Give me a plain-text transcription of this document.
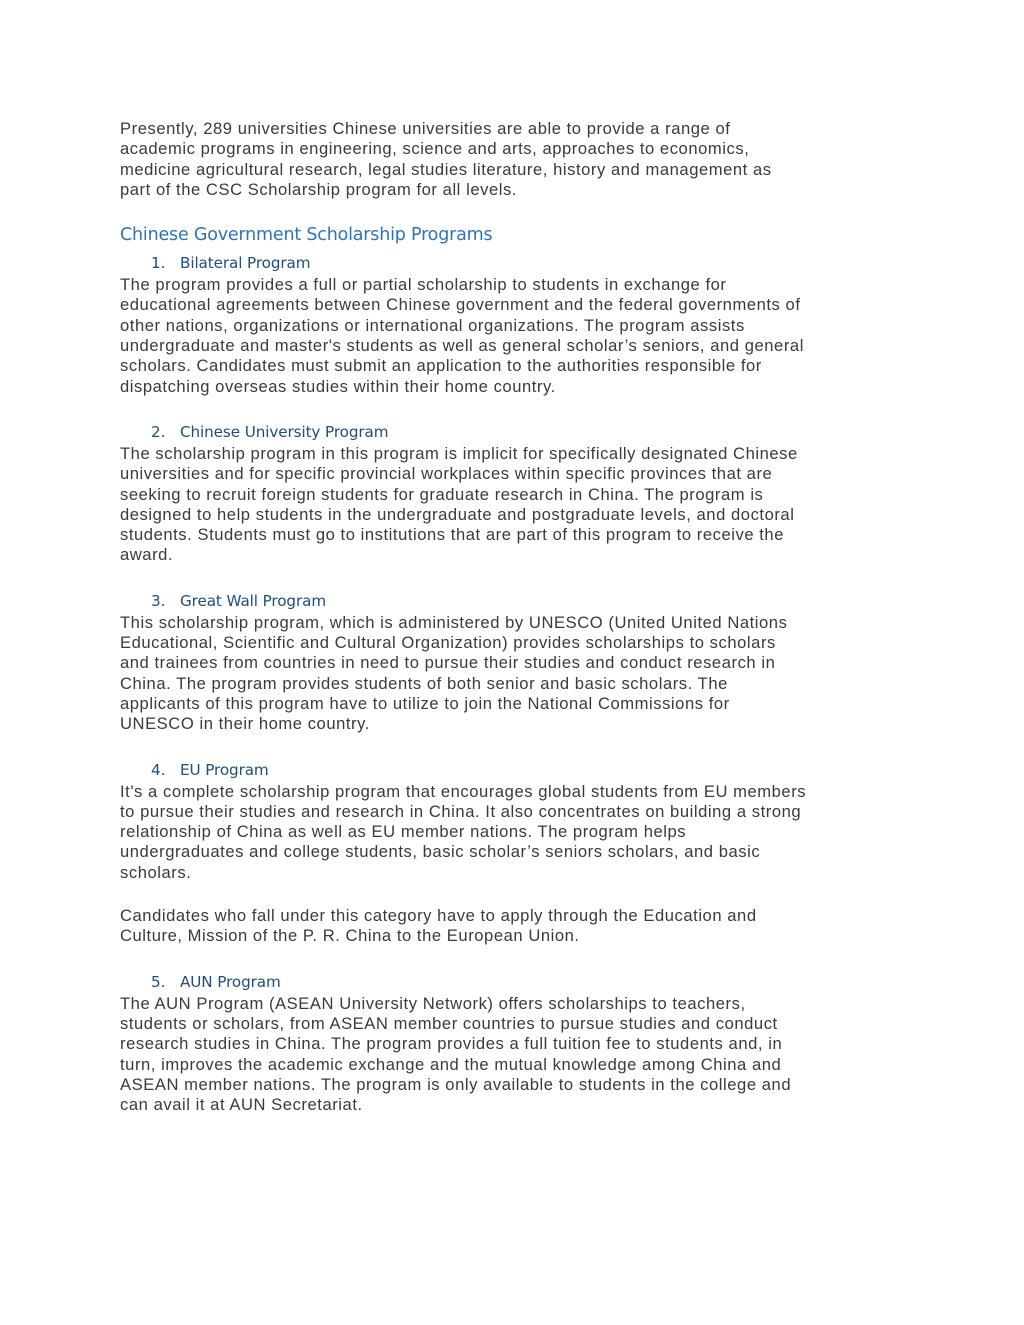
Presently, 289 universities Chinese universities are able to provide a range of
academic programs in engineering, science and arts, approaches to economics,
medicine agricultural research, legal studies literature, history and management as
part of the CSC Scholarship program for all levels.

Chinese Government Scholarship Programs
1. Bilateral Program

The program provides a full or partial scholarship to students in exchange for
educational agreements between Chinese government and the federal governments of
other nations, organizations or international organizations. The program assists
undergraduate and master's students as well as general scholar’s seniors, and general
scholars. Candidates must submit an application to the authorities responsible for
dispatching overseas studies within their home country.

2. Chinese University Program

The scholarship program in this program is implicit for specifically designated Chinese
universities and for specific provincial workplaces within specific provinces that are
seeking to recruit foreign students for graduate research in China. The program is
designed to help students in the undergraduate and postgraduate levels, and doctoral
students. Students must go to institutions that are part of this program to receive the
award.

3. Great Wall Program

This scholarship program, which is administered by UNESCO (United United Nations
Educational, Scientific and Cultural Organization) provides scholarships to scholars
and trainees from countries in need to pursue their studies and conduct research in
China. The program provides students of both senior and basic scholars. The
applicants of this program have to utilize to join the National Commissions for
UNESCO in their home country.

4. EU Program

It's a complete scholarship program that encourages global students from EU members
to pursue their studies and research in China. It also concentrates on building a strong
relationship of China as well as EU member nations. The program helps
undergraduates and college students, basic scholar’s seniors scholars, and basic
scholars.

Candidates who fall under this category have to apply through the Education and
Culture, Mission of the P. R. China to the European Union.

5. AUN Program

The AUN Program (ASEAN University Network) offers scholarships to teachers,
students or scholars, from ASEAN member countries to pursue studies and conduct
research studies in China. The program provides a full tuition fee to students and, in
turn, improves the academic exchange and the mutual knowledge among China and
ASEAN member nations. The program is only available to students in the college and
can avail it at AUN Secretariat.
